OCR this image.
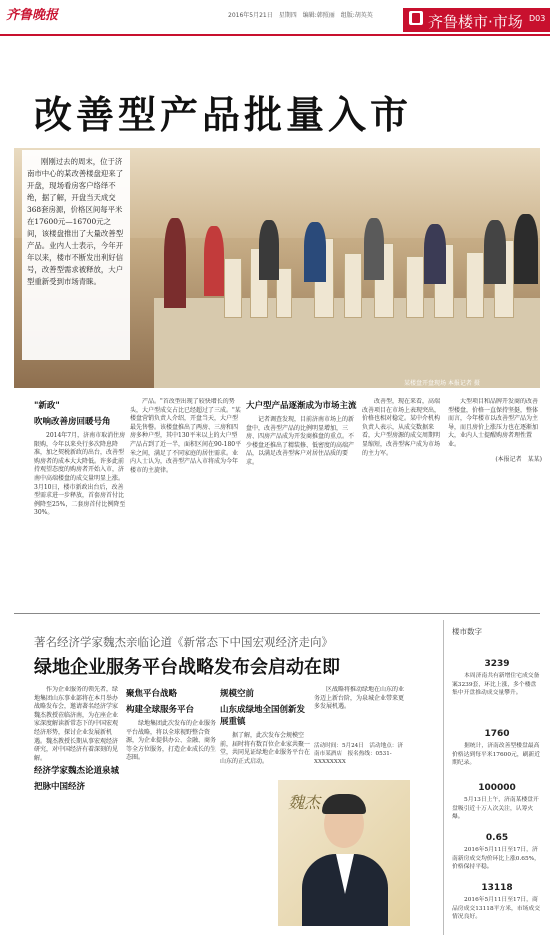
齐鲁晚报	2016年5月21日　星期四　编辑:韩照丽　组版:胡英英	齐鲁楼市·市场 D03
改善型产品批量入市

刚刚过去的周末，位于济南市中心的某改善楼盘迎来了开盘，现场看房客户络绎不绝，据了解，开盘当天成交368套房源，价格区间每平米在17600元—16700元之间，该楼盘推出了大量改善型产品。业内人士表示，今年开年以来，楼市不断发出利好信号，改善型需求被释放，大户型重新受到市场青睐。

某楼盘开盘现场 本报记者 摄
"新政"
吹响改善房回暖号角

2014年7月，济南市取消住房限购，今年以来央行多次降息降准，加之契税新政的出台，改善型购房者的成本大大降低。许多此前持观望态度的购房者开始入市，济南中高端楼盘的成交量明显上涨。3月10日，楼市新政出台后，改善型需求进一步释放，首套房首付比例降至25%，二套房首付比例降至30%。

产品。"首改型出现了较快增长的势头，大户型成交占比已经超过了三成。"某楼盘营销负责人介绍，开盘当天，大户型最先售罄。该楼盘推出了两房、三房和四房多种户型，其中130平米以上的大户型产品占到了近一半，面积区间在90-180平米之间，满足了不同家庭的居住需求。业内人士认为，改善型产品入市将成为今年楼市的主旋律。

大户型产品逐渐成为市场主流

记者调查发现，目前济南市场上的新盘中，改善型产品的比例明显增加，三房、四房产品成为开发商推盘的重点。不少楼盘还推出了精装修、低密度的高端产品，以满足改善型客户对居住品质的要求。

改善型，现在来看，高端改善项目在市场上表现突出，价格也相对稳定。某中介机构负责人表示，从成交数据来看，大户型房源的成交周期明显缩短，改善型客户成为市场的主力军。

大型项目和品牌开发商的改善型楼盘，价格一直保持坚挺，整体而言，今年楼市以改善型产品为主导，而且房价上涨压力也在逐渐加大，业内人士提醒购房者理性置业。

(本报记者　某某)

著名经济学家魏杰亲临论道《新常态下中国宏观经济走向》
绿地企业服务平台战略发布会启动在即

作为企业服务的领先者，绿地集团山东事业部将在本月举办战略发布会，邀请著名经济学家魏杰教授莅临济南，为在座企业家深度解读新常态下的中国宏观经济形势，探讨企业发展新机遇。魏杰教授长期从事宏观经济研究，对中国经济有着深刻的见解。

经济学家魏杰论道泉城
把脉中国经济
聚焦平台战略
构建全球服务平台

绿地集团此次发布的企业服务平台战略，将以全球视野整合资源，为企业提供办公、金融、商务等全方位服务，打造企业成长的生态圈。

规模空前
山东成绿地全国创新发展重镇

据了解，此次发布会规模空前，届时将有数百位企业家共聚一堂，共同见证绿地企业服务平台在山东的正式启动。

区战略将推动绿地在山东的业务迈上新台阶，为泉城企业带来更多发展机遇。

活动时间：5月24日　活动地点：济南市某酒店　报名热线：0531-XXXXXXXX
魏杰
楼市数字
3239

本周济南共有新增住宅成交备案3239套，环比上涨，多个楼盘集中开盘推动成交量攀升。

1760

据统计，济南改善型楼盘最高价格达到每平米17600元，刷新近期纪录。

100000

5月13日上午，济南某楼盘开盘吸引近十万人次关注，认筹火爆。

0.65

2016年5月11日至17日，济南新房成交均价环比上涨0.65%，价格保持平稳。

13118

2016年5月11日至17日，商品房成交13118平方米，市场成交情况良好。
